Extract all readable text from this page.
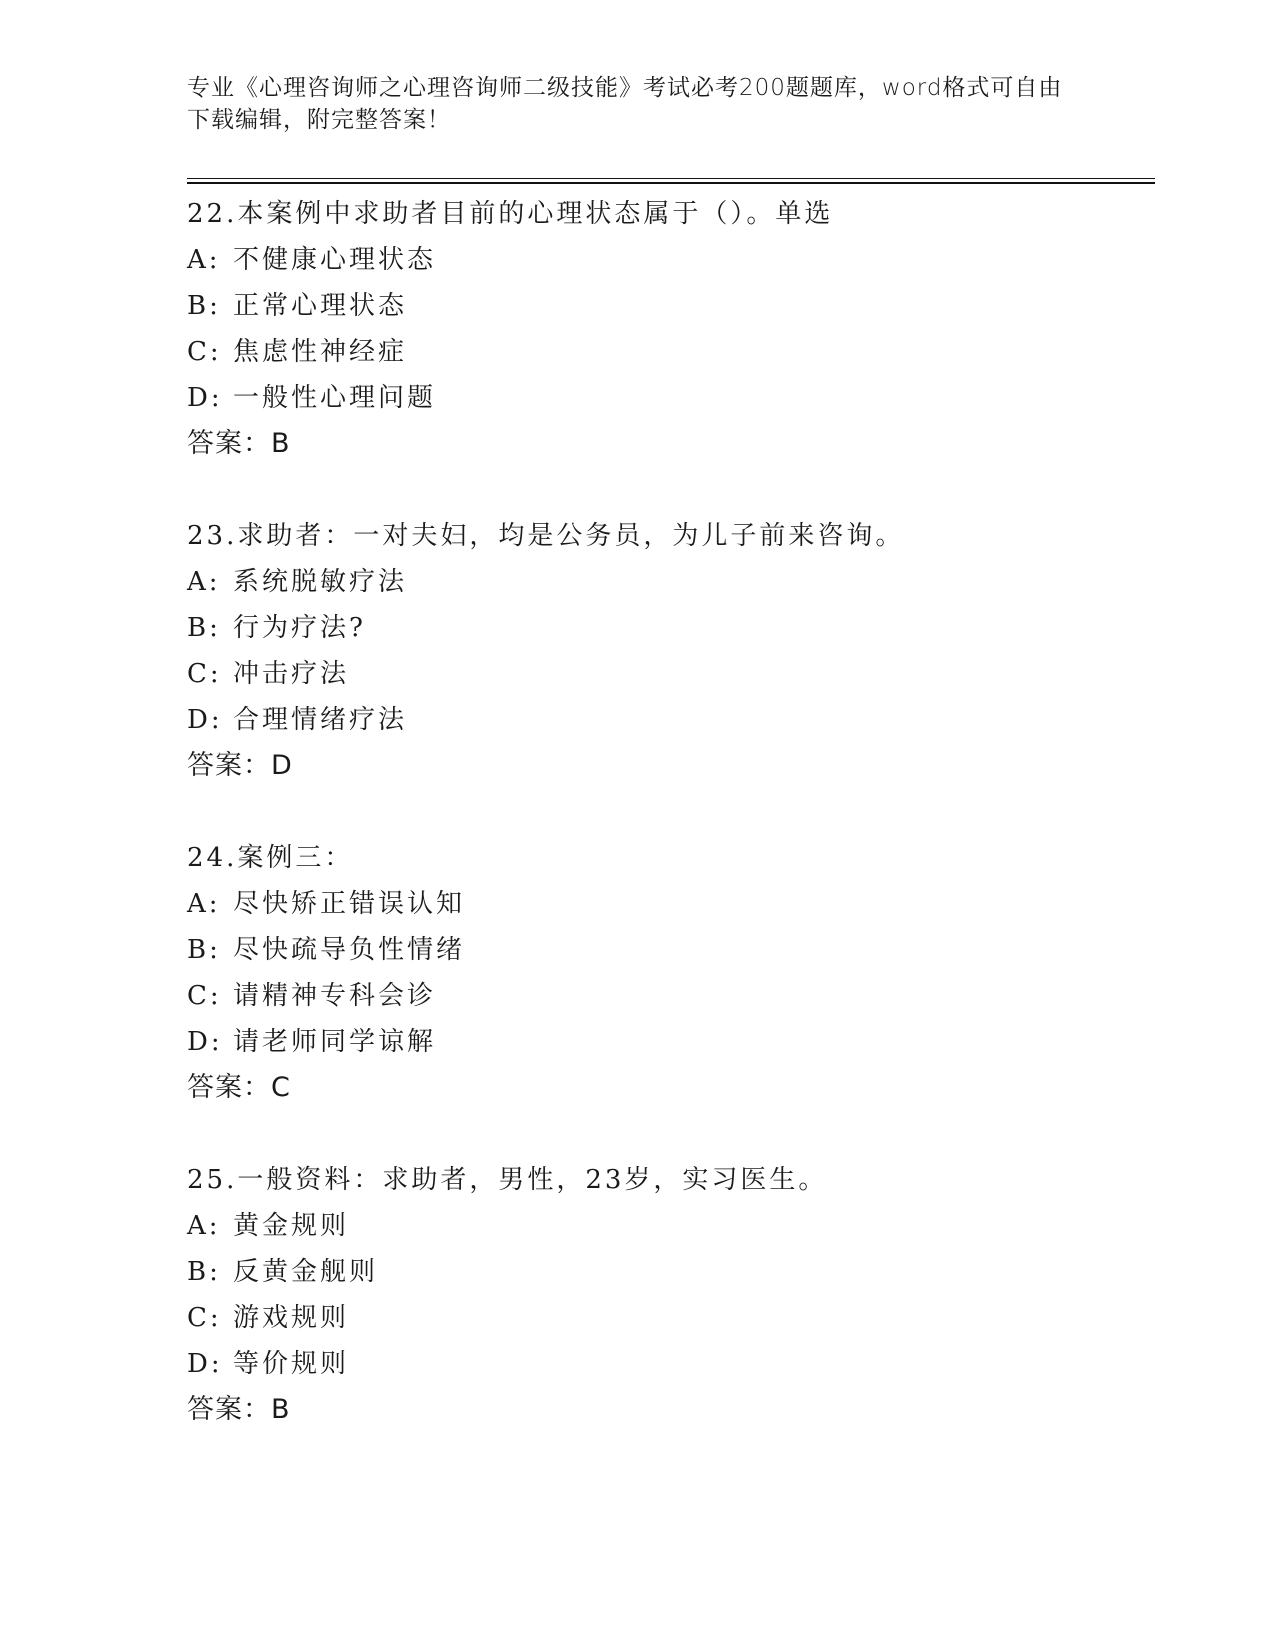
专业《心理咨询师之心理咨询师二级技能》考试必考200题题库，word格式可自由下载编辑，附完整答案！
22.本案例中求助者目前的心理状态属于（）。单选
A: 不健康心理状态
B: 正常心理状态
C: 焦虑性神经症
D: 一般性心理问题
答案：B
23.求助者：一对夫妇，均是公务员，为儿子前来咨询。
A: 系统脱敏疗法
B: 行为疗法?
C: 冲击疗法
D: 合理情绪疗法
答案：D
24.案例三：
A: 尽快矫正错误认知
B: 尽快疏导负性情绪
C: 请精神专科会诊
D: 请老师同学谅解
答案：C
25.一般资料：求助者，男性，23岁，实习医生。
A: 黄金规则
B: 反黄金舰则
C: 游戏规则
D: 等价规则
答案：B
